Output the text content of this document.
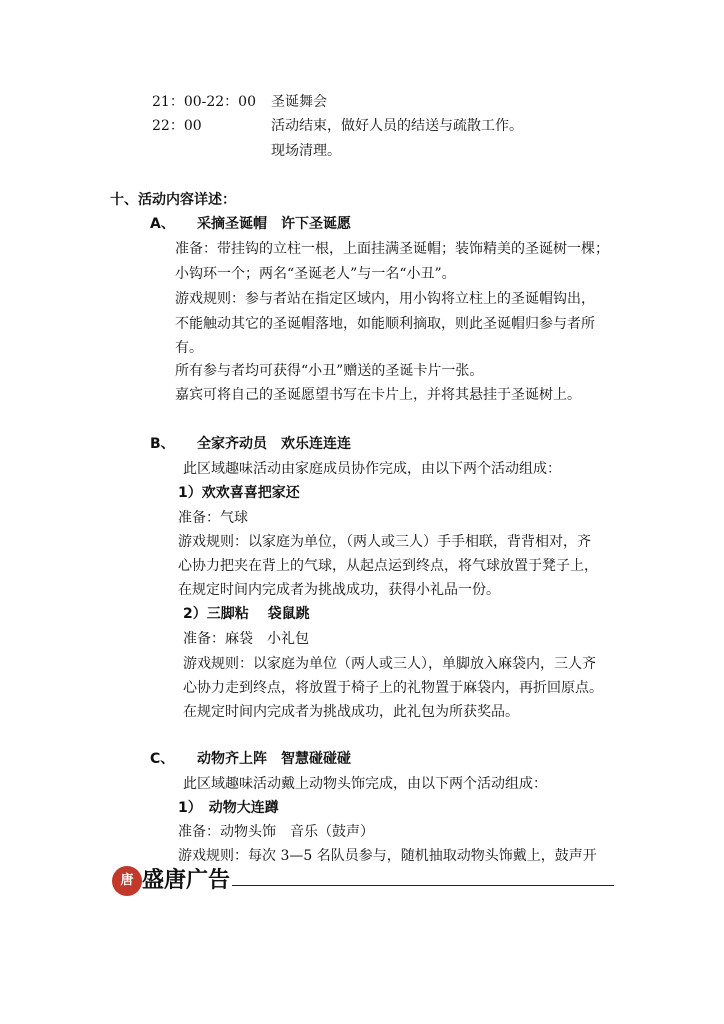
21：00-22：00 圣诞舞会
22：00	活动结束，做好人员的结送与疏散工作。
现场清理。
十、活动内容详述：
A、 采摘圣诞帽　许下圣诞愿
准备：带挂钩的立柱一根，上面挂满圣诞帽；装饰精美的圣诞树一棵；
小钩环一个；两名“圣诞老人”与一名“小丑”。
游戏规则：参与者站在指定区域内，用小钩将立柱上的圣诞帽钩出，
不能触动其它的圣诞帽落地，如能顺利摘取，则此圣诞帽归参与者所
有。
所有参与者均可获得“小丑”赠送的圣诞卡片一张。
嘉宾可将自己的圣诞愿望书写在卡片上，并将其悬挂于圣诞树上。
B、 全家齐动员　欢乐连连连
此区域趣味活动由家庭成员协作完成，由以下两个活动组成：
1）欢欢喜喜把家还
准备：气球
游戏规则：以家庭为单位，（两人或三人）手手相联，背背相对，齐
心协力把夹在背上的气球，从起点运到终点，将气球放置于凳子上，
在规定时间内完成者为挑战成功，获得小礼品一份。
2）三脚粘　 袋鼠跳
准备：麻袋　小礼包
游戏规则：以家庭为单位（两人或三人），单脚放入麻袋内，三人齐
心协力走到终点，将放置于椅子上的礼物置于麻袋内，再折回原点。
在规定时间内完成者为挑战成功，此礼包为所获奖品。
C、 动物齐上阵　智慧碰碰碰
此区域趣味活动戴上动物头饰完成，由以下两个活动组成：
1）　动物大连蹲
准备：动物头饰　音乐（鼓声）
游戏规则：每次 3—5 名队员参与，随机抽取动物头饰戴上，鼓声开
唐 盛唐广告
